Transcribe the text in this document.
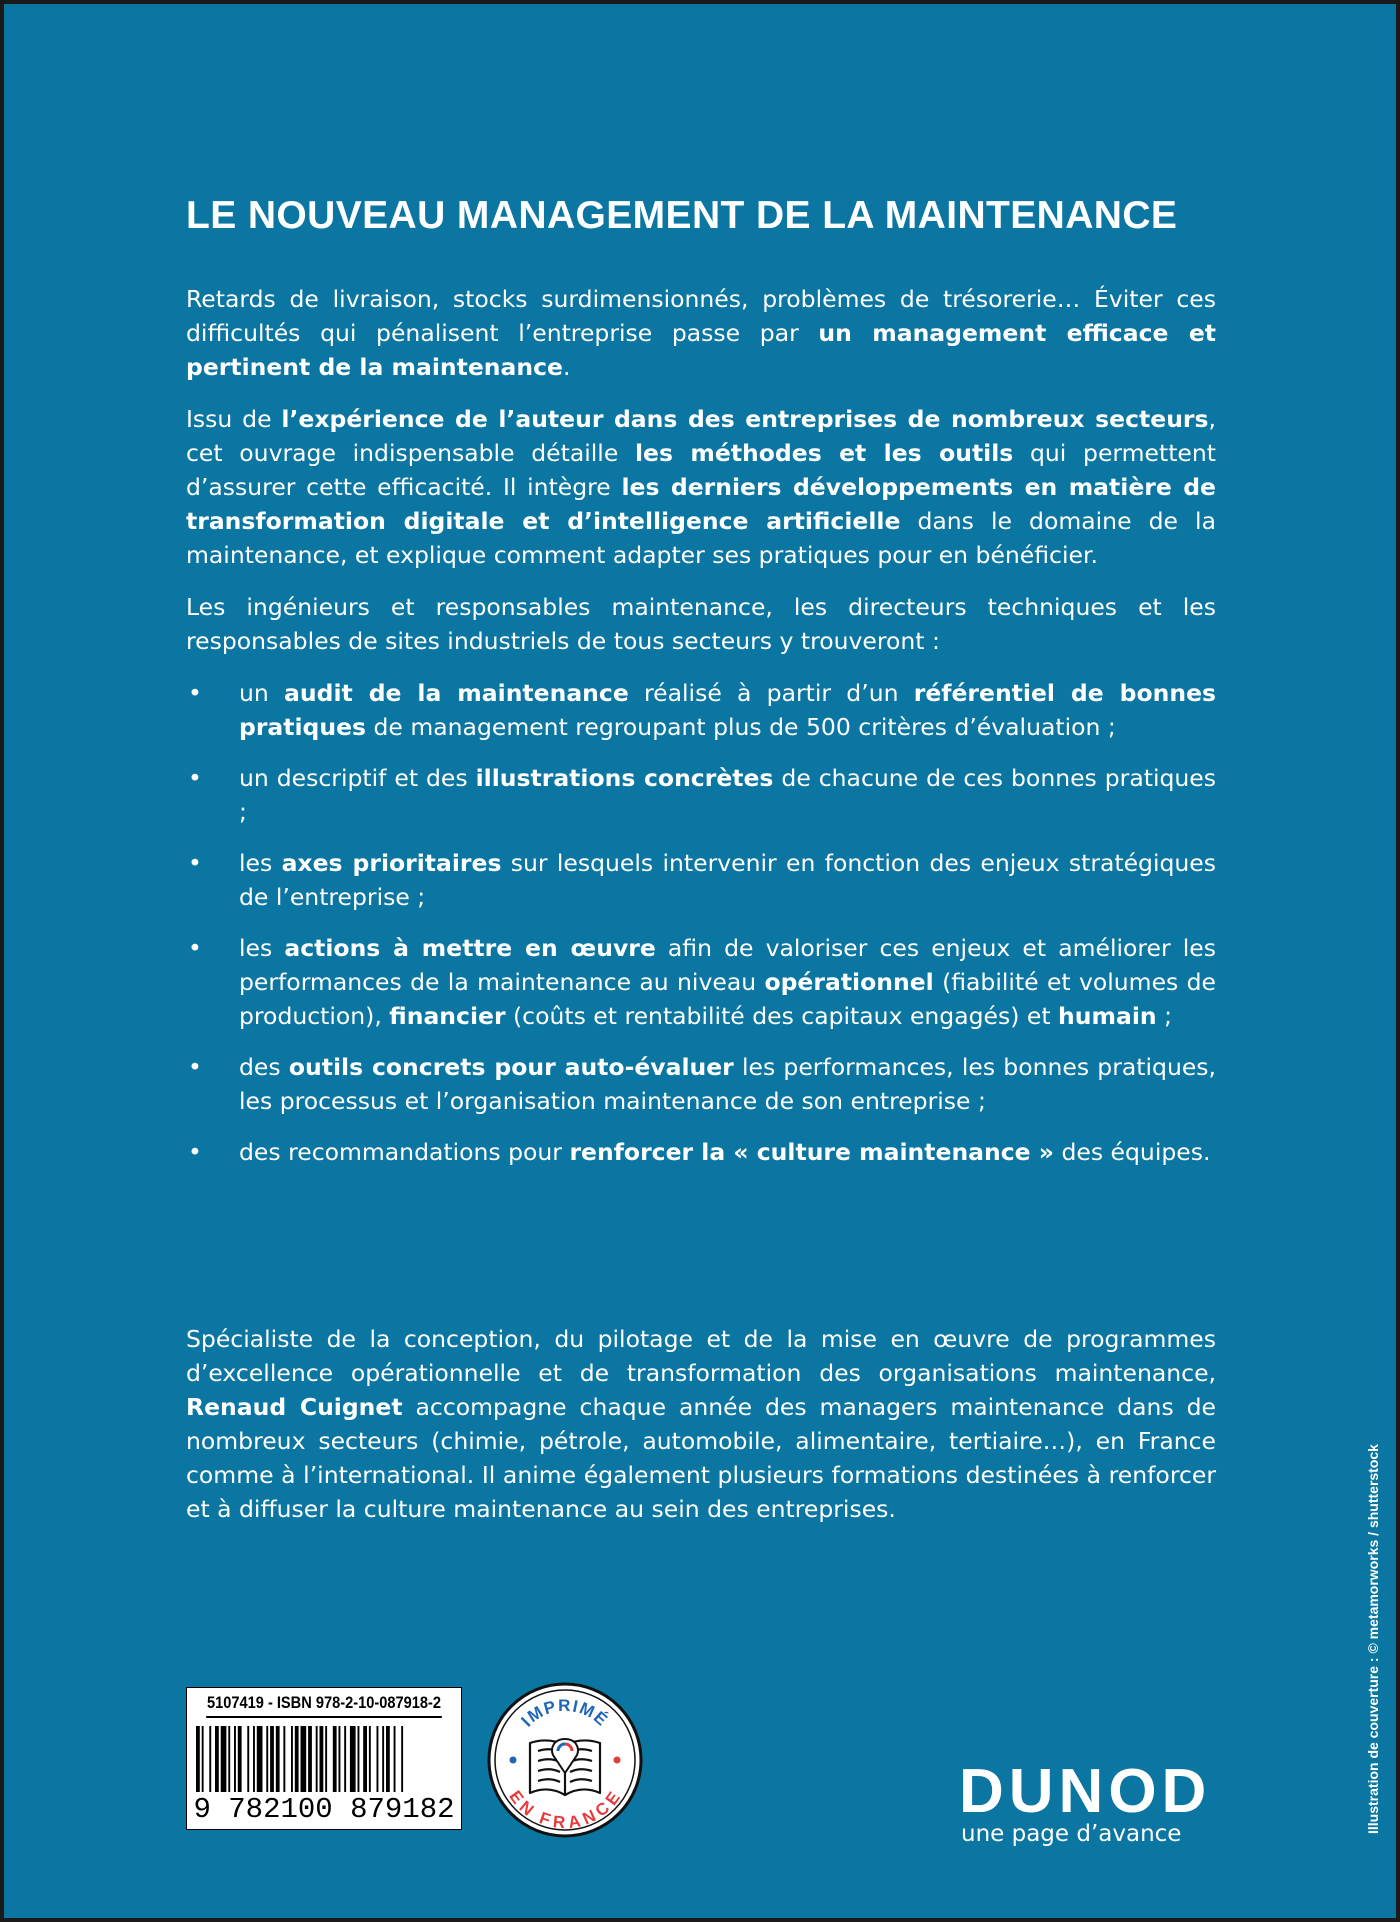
LE NOUVEAU MANAGEMENT DE LA MAINTENANCE

Retards de livraison, stocks surdimensionnés, problèmes de trésorerie… Éviter ces difficultés qui pénalisent l’entreprise passe par un management efficace et pertinent de la maintenance.

Issu de l’expérience de l’auteur dans des entreprises de nombreux secteurs, cet ouvrage indispensable détaille les méthodes et les outils qui permettent d’assurer cette efficacité. Il intègre les derniers développements en matière de transformation digitale et d’intelligence artificielle dans le domaine de la maintenance, et explique comment adapter ses pratiques pour en bénéficier.

Les ingénieurs et responsables maintenance, les directeurs techniques et les responsables de sites industriels de tous secteurs y trouveront :

• un audit de la maintenance réalisé à partir d’un référentiel de bonnes pratiques de management regroupant plus de 500 critères d’évaluation ;
• un descriptif et des illustrations concrètes de chacune de ces bonnes pratiques ;
• les axes prioritaires sur lesquels intervenir en fonction des enjeux stratégiques de l’entreprise ;
• les actions à mettre en œuvre afin de valoriser ces enjeux et améliorer les performances de la maintenance au niveau opérationnel (fiabilité et volumes de production), financier (coûts et rentabilité des capitaux engagés) et humain ;
• des outils concrets pour auto-évaluer les performances, les bonnes pratiques, les processus et l’organisation maintenance de son entreprise ;
• des recommandations pour renforcer la « culture maintenance » des équipes.

Spécialiste de la conception, du pilotage et de la mise en œuvre de programmes d’excellence opérationnelle et de transformation des organisations maintenance, Renaud Cuignet accompagne chaque année des managers maintenance dans de nombreux secteurs (chimie, pétrole, automobile, alimentaire, tertiaire…), en France comme à l’international. Il anime également plusieurs formations destinées à renforcer et à diffuser la culture maintenance au sein des entreprises.

5107419 - ISBN 978-2-10-087918-2
9 782100 879182
IMPRIMÉ
EN FRANCE	DUNOD

une page d’avance	Illustration de couverture : © metamorworks / shutterstock
